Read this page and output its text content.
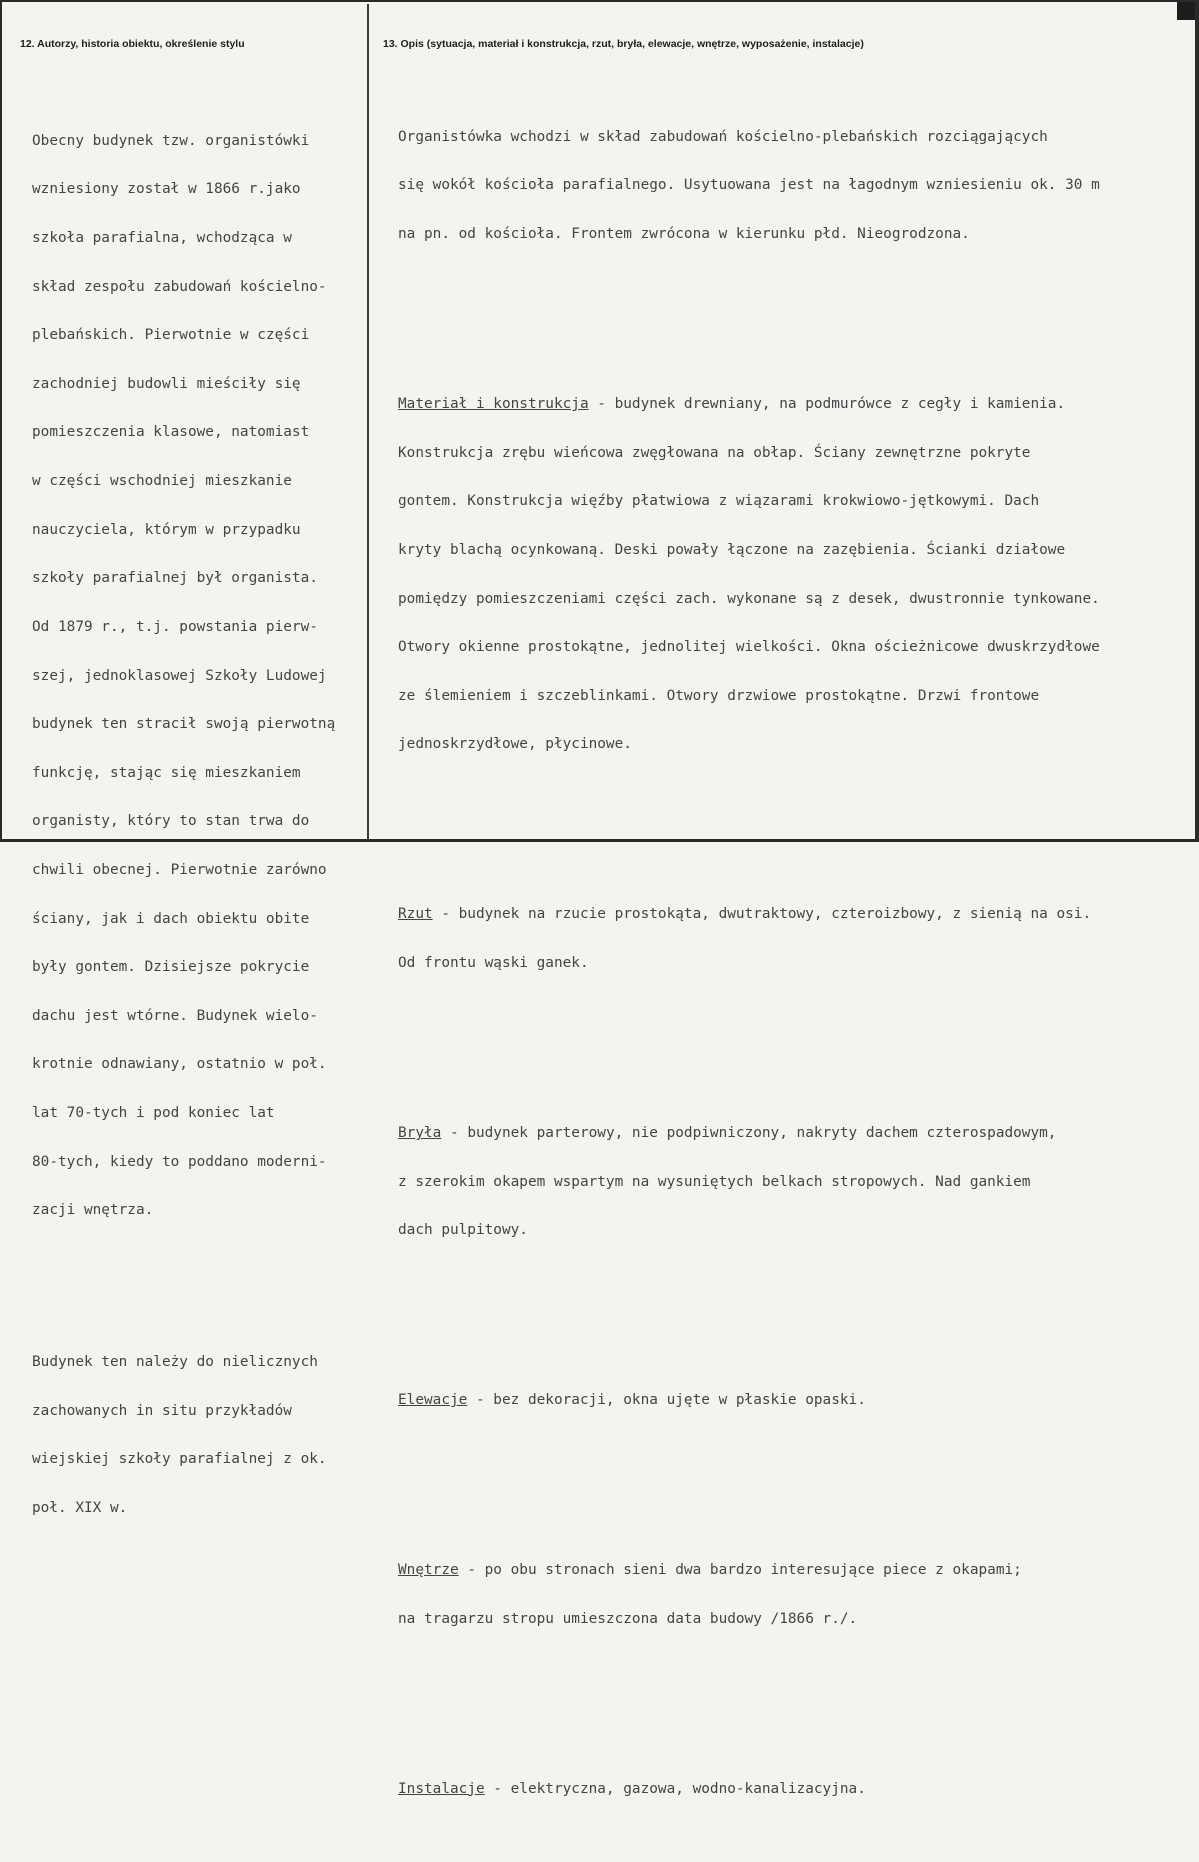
12. Autorzy, historia obiektu, określenie stylu	13. Opis (sytuacja, materiał i konstrukcja, rzut, bryła, elewacje, wnętrze, wyposażenie, instalacje)

Obecny budynek tzw. organistówki

wzniesiony został w 1866 r.jako

szkoła parafialna, wchodząca w

skład zespołu zabudowań kościelno-

plebańskich. Pierwotnie w części

zachodniej budowli mieściły się

pomieszczenia klasowe, natomiast

w części wschodniej mieszkanie

nauczyciela, którym w przypadku

szkoły parafialnej był organista.

Od 1879 r., t.j. powstania pierw-

szej, jednoklasowej Szkoły Ludowej

budynek ten stracił swoją pierwotną

funkcję, stając się mieszkaniem

organisty, który to stan trwa do

chwili obecnej. Pierwotnie zarówno

ściany, jak i dach obiektu obite

były gontem. Dzisiejsze pokrycie

dachu jest wtórne. Budynek wielo-

krotnie odnawiany, ostatnio w poł.

lat 70-tych i pod koniec lat

80-tych, kiedy to poddano moderni-

zacji wnętrza.

Budynek ten należy do nielicznych

zachowanych in situ przykładów

wiejskiej szkoły parafialnej z ok.

poł. XIX w.

Organistówka wchodzi w skład zabudowań kościelno-plebańskich rozciągających

się wokół kościoła parafialnego. Usytuowana jest na łagodnym wzniesieniu ok. 30 m

na pn. od kościoła. Frontem zwrócona w kierunku płd. Nieogrodzona.

Materiał i konstrukcja - budynek drewniany, na podmurówce z cegły i kamienia.

Konstrukcja zrębu wieńcowa zwęgłowana na obłap. Ściany zewnętrzne pokryte

gontem. Konstrukcja więźby płatwiowa z wiązarami krokwiowo-jętkowymi. Dach

kryty blachą ocynkowaną. Deski powały łączone na zazębienia. Ścianki działowe

pomiędzy pomieszczeniami części zach. wykonane są z desek, dwustronnie tynkowane.

Otwory okienne prostokątne, jednolitej wielkości. Okna ościeżnicowe dwuskrzydłowe

ze ślemieniem i szczeblinkami. Otwory drzwiowe prostokątne. Drzwi frontowe

jednoskrzydłowe, płycinowe.

Rzut - budynek na rzucie prostokąta, dwutraktowy, czteroizbowy, z sienią na osi.

Od frontu wąski ganek.

Bryła - budynek parterowy, nie podpiwniczony, nakryty dachem czterospadowym,

z szerokim okapem wspartym na wysuniętych belkach stropowych. Nad gankiem

dach pulpitowy.

Elewacje - bez dekoracji, okna ujęte w płaskie opaski.

Wnętrze - po obu stronach sieni dwa bardzo interesujące piece z okapami;

na tragarzu stropu umieszczona data budowy /1866 r./.

Instalacje - elektryczna, gazowa, wodno-kanalizacyjna.
